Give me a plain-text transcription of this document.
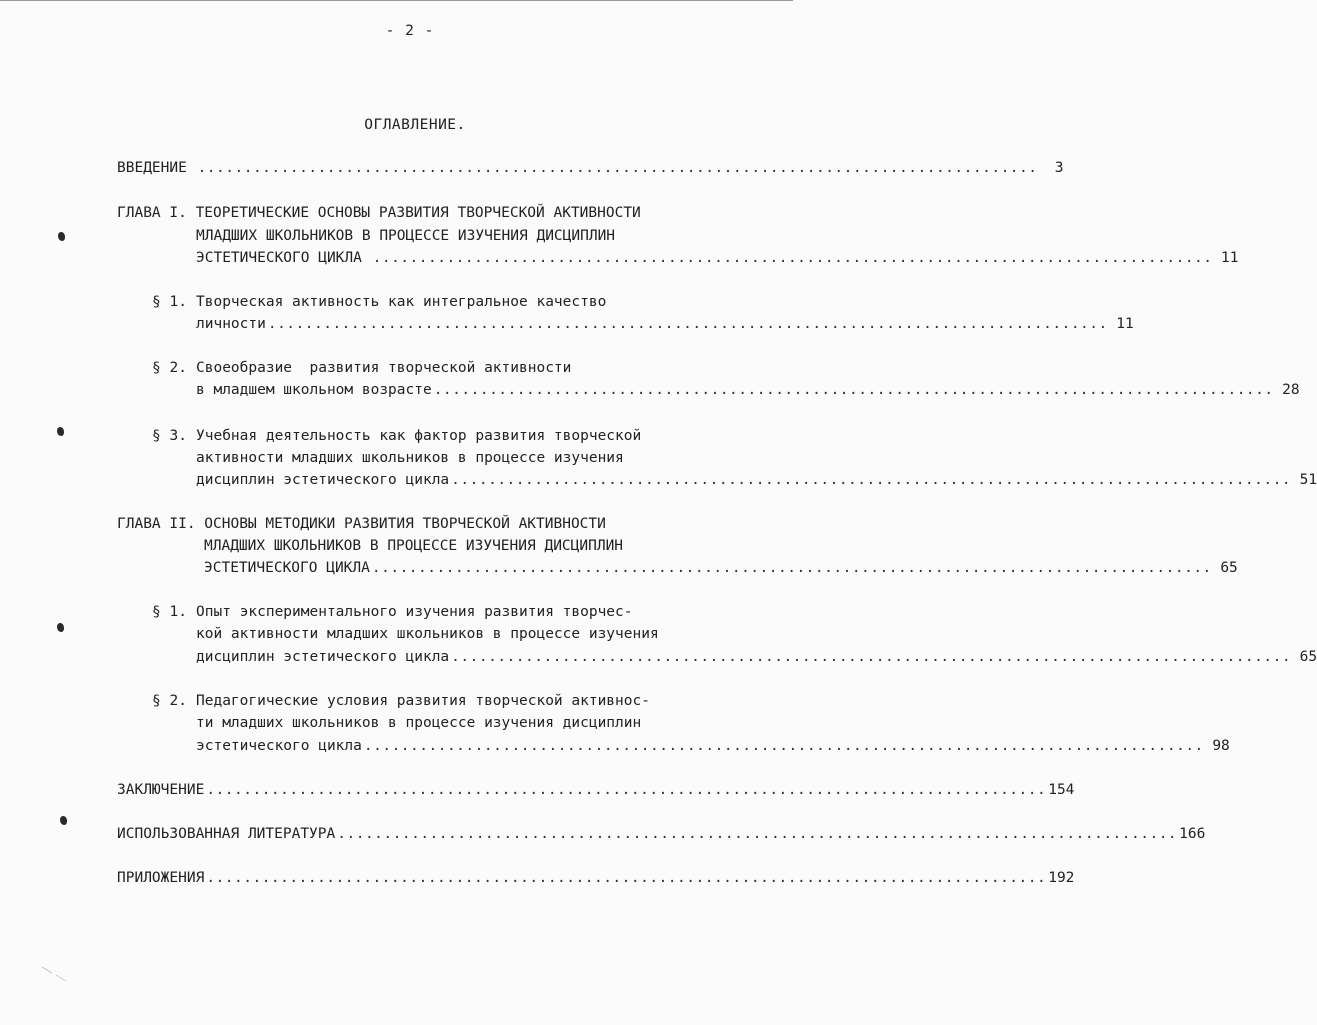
- 2 -
ОГЛАВЛЕНИЕ.
ВВЕДЕНИЕ ...........................................................................................	3
ГЛАВА I. ТЕОРЕТИЧЕСКИЕ ОСНОВЫ РАЗВИТИЯ ТВОРЧЕСКОЙ АКТИВНОСТИ
МЛАДШИХ ШКОЛЬНИКОВ В ПРОЦЕССЕ ИЗУЧЕНИЯ ДИСЦИПЛИН
ЭСТЕТИЧЕСКОГО ЦИКЛА ........................................................................................... 11
§ 1. Творческая активность как интегральное качество
личности ........................................................................................... 11
§ 2. Своеобразие  развития творческой активности
в младшем школьном возрасте ........................................................................................... 28
§ 3. Учебная деятельность как фактор развития творческой
активности младших школьников в процессе изучения
дисциплин эстетического цикла ........................................................................................... 51
ГЛАВА II. ОСНОВЫ МЕТОДИКИ РАЗВИТИЯ ТВОРЧЕСКОЙ АКТИВНОСТИ
МЛАДШИХ ШКОЛЬНИКОВ В ПРОЦЕССЕ ИЗУЧЕНИЯ ДИСЦИПЛИН
ЭСТЕТИЧЕСКОГО ЦИКЛА ........................................................................................... 65
§ 1. Опыт экспериментального изучения развития творчес-
кой активности младших школьников в процессе изучения
дисциплин эстетического цикла ........................................................................................... 65
§ 2. Педагогические условия развития творческой активнос-
ти младших школьников в процессе изучения дисциплин
эстетического цикла ........................................................................................... 98
ЗАКЛЮЧЕНИЕ ........................................................................................... 154
ИСПОЛЬЗОВАННАЯ ЛИТЕРАТУРА ........................................................................................... 166
ПРИЛОЖЕНИЯ ........................................................................................... 192
